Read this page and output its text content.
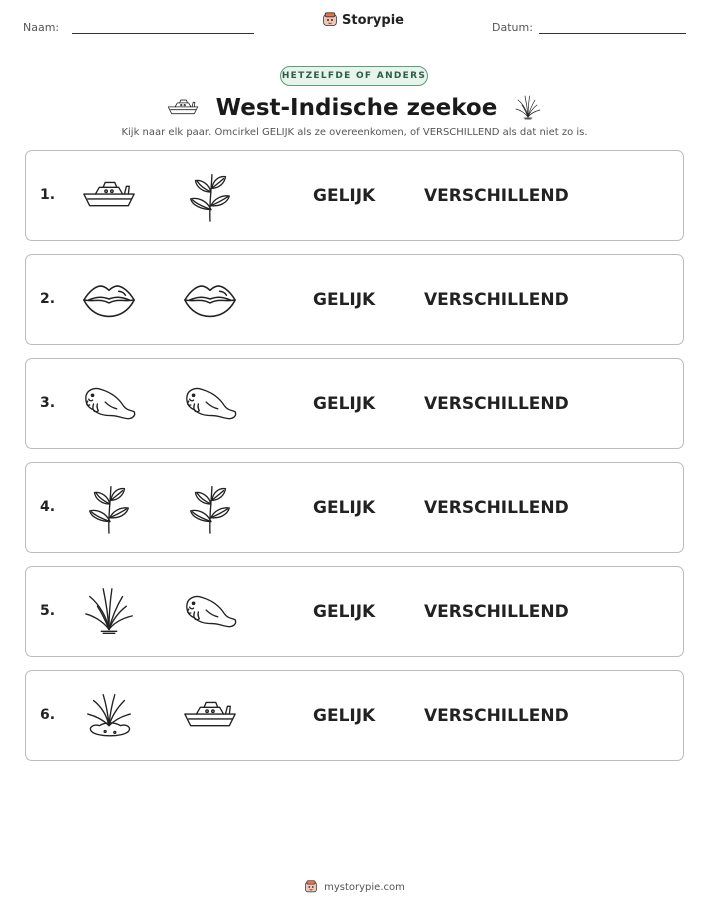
Naam:	Storypie	Datum:
HETZELFDE OF ANDERS
West-Indische zeekoe
Kijk naar elk paar. Omcirkel GELIJK als ze overeenkomen, of VERSCHILLEND als dat niet zo is.
1.	GELIJK	VERSCHILLEND
2.	GELIJK	VERSCHILLEND
3.	GELIJK	VERSCHILLEND
4.	GELIJK	VERSCHILLEND
5.	GELIJK	VERSCHILLEND
6.	GELIJK	VERSCHILLEND
mystorypie.com
